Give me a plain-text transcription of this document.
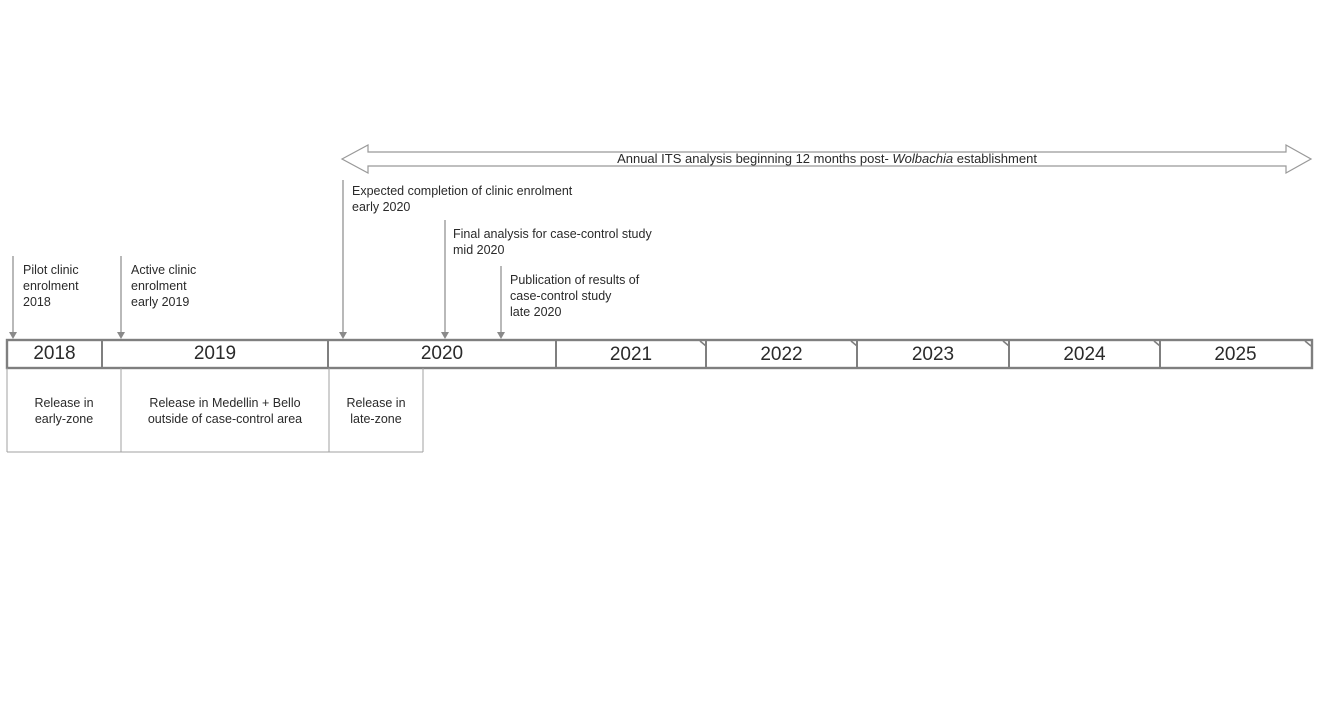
Annual ITS analysis beginning 12 months post- Wolbachia establishment
2018	2019	2020	2021	2022	2023	2024	2025
Pilot clinic
enrolment
2018
Active clinic
enrolment
early 2019
Expected completion of clinic enrolment
early 2020
Final analysis for case-control study
mid 2020
Publication of results of
case-control study
late 2020
Release in
early-zone
Release in Medellin + Bello
outside of case-control area
Release in
late-zone
